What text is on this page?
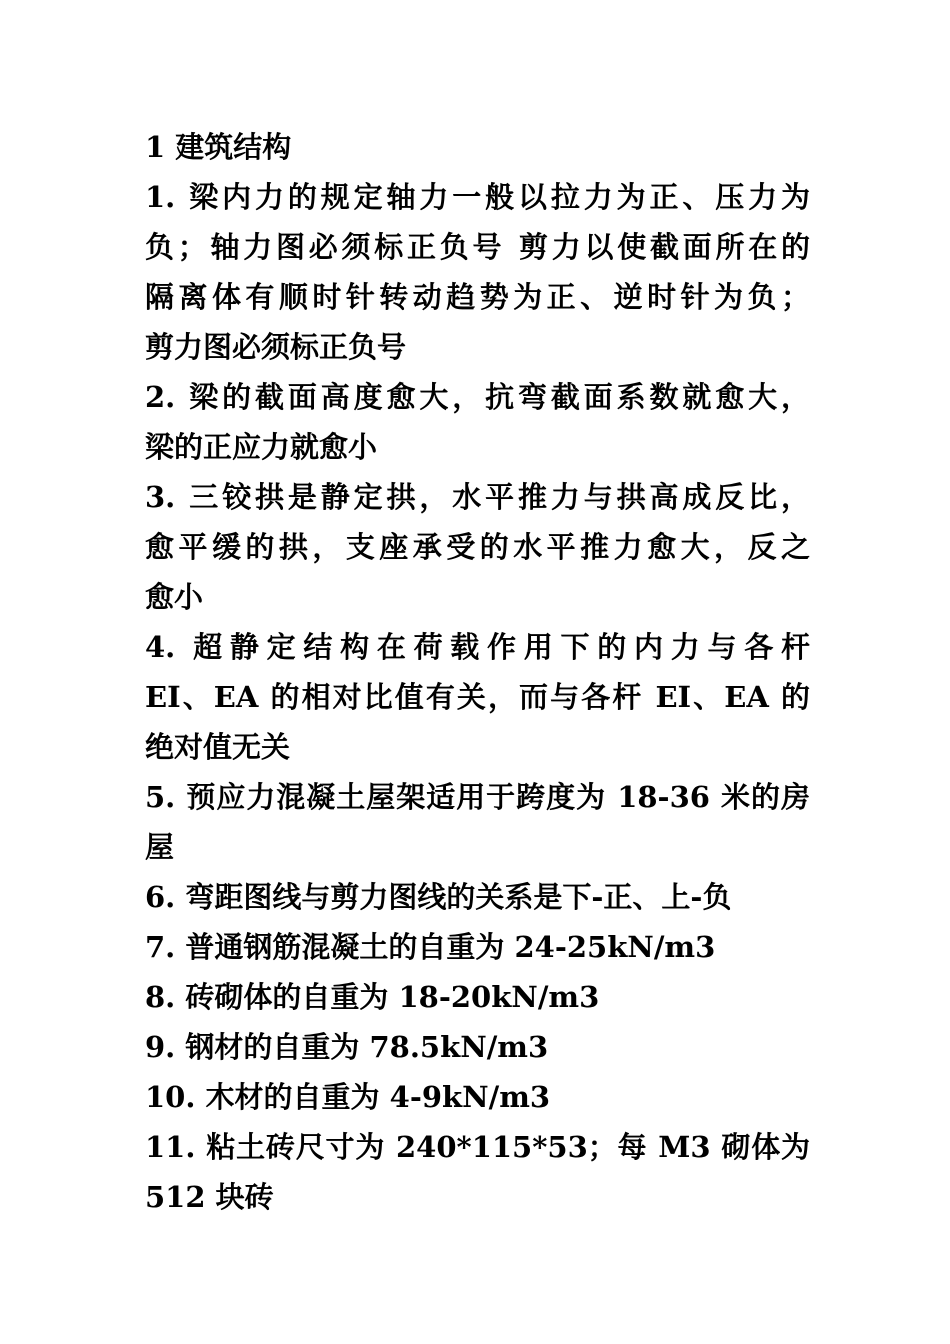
1 建筑结构
1. 梁内力的规定轴力一般以拉力为正、压力为
负；轴力图必须标正负号 剪力以使截面所在的
隔离体有顺时针转动趋势为正、逆时针为负；
剪力图必须标正负号
2. 梁的截面高度愈大，抗弯截面系数就愈大，
梁的正应力就愈小
3. 三铰拱是静定拱，水平推力与拱高成反比，
愈平缓的拱，支座承受的水平推力愈大，反之
愈小
4. 超静定结构在荷载作用下的内力与各杆
EI、EA 的相对比值有关，而与各杆 EI、EA 的
绝对值无关
5. 预应力混凝土屋架适用于跨度为 18-36 米的房
屋
6. 弯距图线与剪力图线的关系是下-正、上-负
7. 普通钢筋混凝土的自重为 24-25kN/m3
8. 砖砌体的自重为 18-20kN/m3
9. 钢材的自重为 78.5kN/m3
10. 木材的自重为 4-9kN/m3
11. 粘土砖尺寸为 240*115*53；每 M3 砌体为
512 块砖
